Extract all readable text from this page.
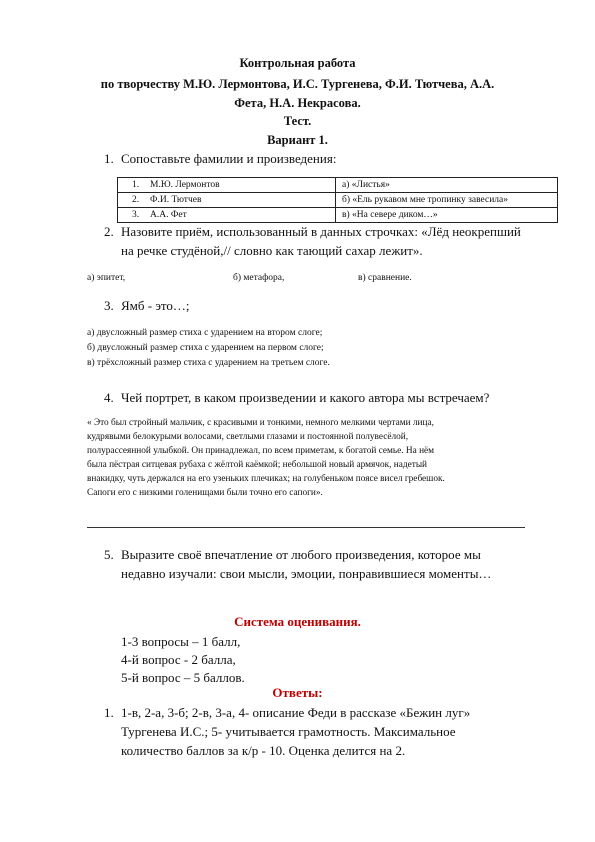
Контрольная работа
по творчеству М.Ю. Лермонтова, И.С. Тургенева, Ф.И. Тютчева, А.А.
Фета, Н.А. Некрасова.
Тест.
Вариант 1.
1. Сопоставьте фамилии и произведения:
1. М.Ю. Лермонтов	а) «Листья»
2. Ф.И. Тютчев	б) «Ель рукавом мне тропинку завесила»
3. А.А. Фет	в) «На севере диком…»
2. Назовите приём, использованный в данных строчках: «Лёд неокрепший
на речке студёной,// словно как тающий сахар лежит».
а) эпитет,	б) метафора,	в) сравнение.
3. Ямб - это…;
а) двусложный размер стиха с ударением на втором слоге;
б) двусложный размер стиха с ударением на первом слоге;
в) трёхсложный размер стиха с ударением на третьем слоге.
4. Чей портрет, в каком произведении и какого автора мы встречаем?
« Это был стройный мальчик, с красивыми и тонкими, немного мелкими чертами лица,
кудрявыми белокурыми волосами, светлыми глазами и постоянной полувесёлой,
полурассеянной улыбкой. Он принадлежал, по всем приметам, к богатой семье. На нём
была пёстрая ситцевая рубаха с жёлтой каёмкой; небольшой новый армячок, надетый
внакидку, чуть держался на его узеньких плечиках; на голубеньком поясе висел гребешок.
Сапоги его с низкими голенищами были точно его сапоги».
5. Выразите своё впечатление от любого произведения, которое мы
недавно изучали: свои мысли, эмоции, понравившиеся моменты…
Система оценивания.
1-3 вопросы – 1 балл,
4-й вопрос - 2 балла,
5-й вопрос – 5 баллов.
Ответы:
1. 1-в, 2-а, 3-б; 2-в, 3-а, 4- описание Феди в рассказе «Бежин луг»
Тургенева И.С.; 5- учитывается грамотность. Максимальное
количество баллов за к/р - 10. Оценка делится на 2.
